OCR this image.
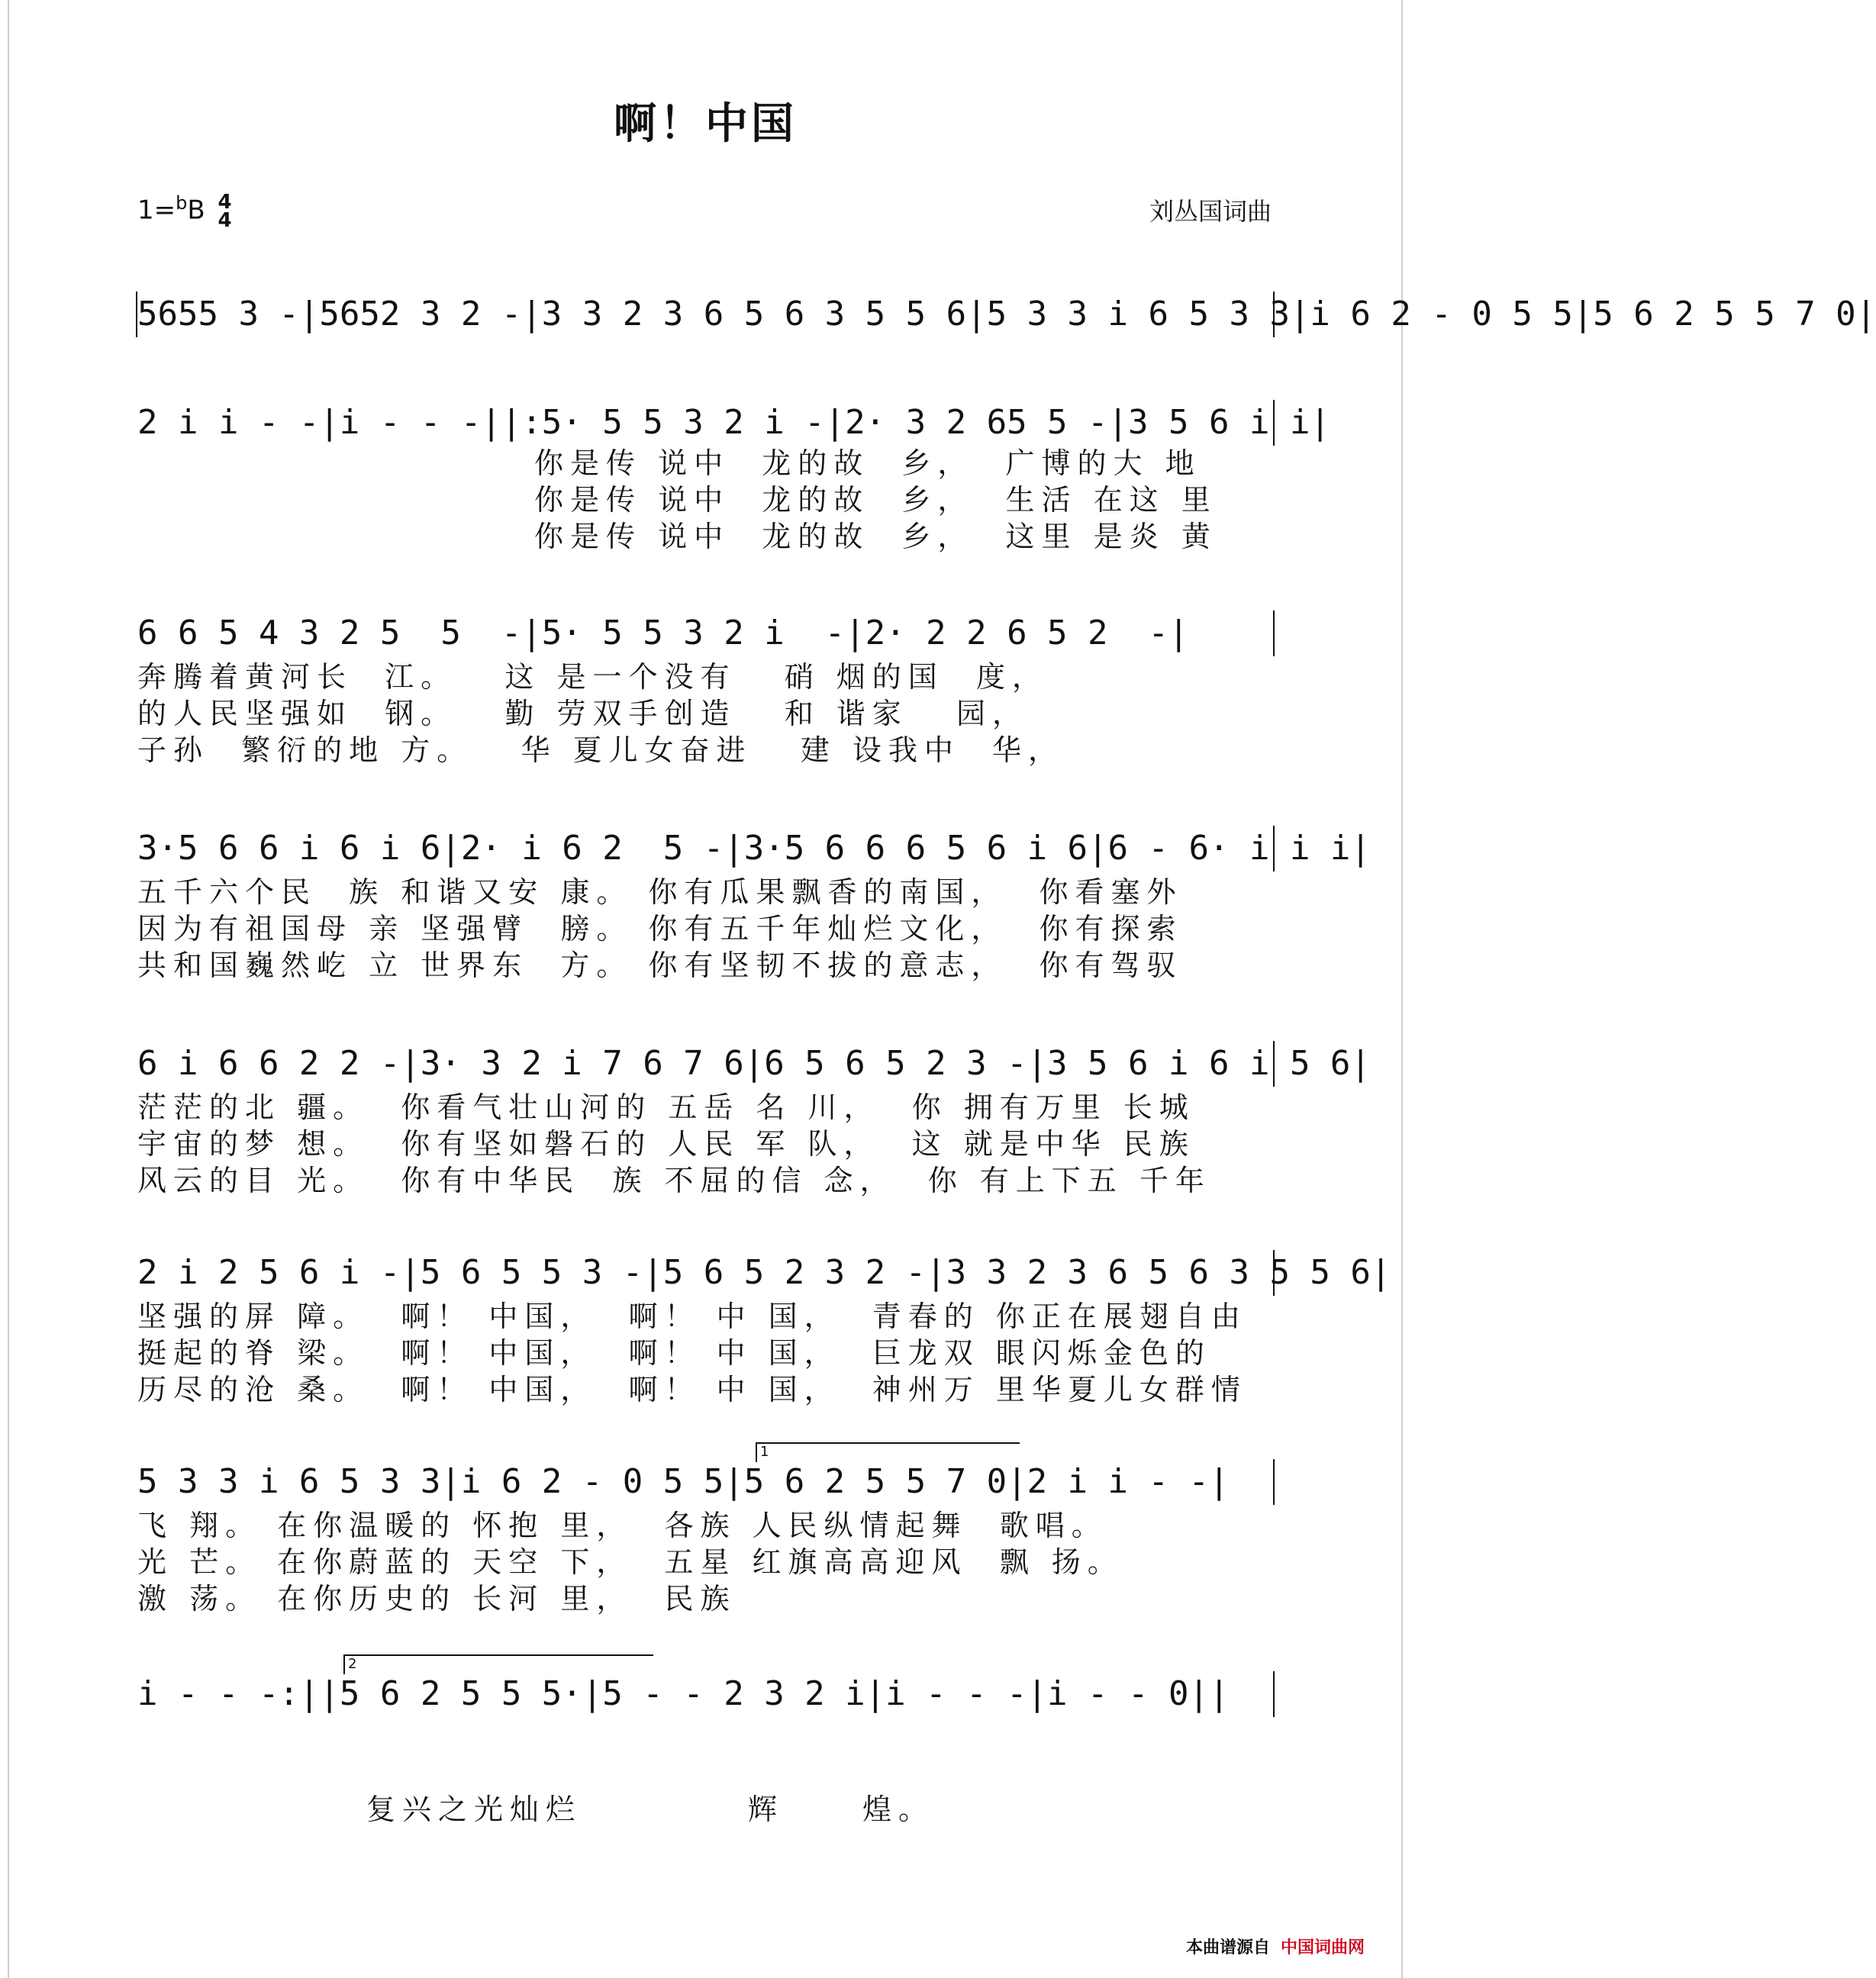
啊！中国
1=$^b$B 4
4	刘丛国词曲
5655 3 -|5652 3 2 -|3 3 2 3 6 5 6 3 5 5 6|5 3 3 i 6 5 3 3|i 6 2 - 0 5 5|5 6 2 5 5 7 0|
2 i i - -|i - - -||:5· 5 5 3 2 i -|2· 3 2 65 5 -|3 5 6 i i|
你是传 说中  龙的故  乡，  广博的大 地
你是传 说中  龙的故  乡，  生活 在这 里
你是传 说中  龙的故  乡，  这里 是炎 黄
6 6 5 4 3 2 5  5  -|5· 5 5 3 2 i  -|2· 2 2 6 5 2  -|
奔腾着黄河长  江。   这 是一个没有   硝 烟的国  度，
的人民坚强如  钢。   勤 劳双手创造   和 谐家   园，
子孙  繁衍的地 方。   华 夏儿女奋进   建 设我中  华，
3·5 6 6 i 6 i 6|2· i 6 2  5 -|3·5 6 6 6 5 6 i 6|6 - 6· i i i|
五千六个民  族 和谐又安 康。 你有瓜果飘香的南国，  你看塞外
因为有祖国母 亲 坚强臂  膀。 你有五千年灿烂文化，  你有探索
共和国巍然屹 立 世界东  方。 你有坚韧不拔的意志，  你有驾驭
6 i 6 6 2 2 -|3· 3 2 i 7 6 7 6|6 5 6 5 2 3 -|3 5 6 i 6 i 5 6|
茫茫的北 疆。  你看气壮山河的 五岳 名 川，  你 拥有万里 长城
宇宙的梦 想。  你有坚如磐石的 人民 军 队，  这 就是中华 民族
风云的目 光。  你有中华民  族 不屈的信 念，  你 有上下五 千年
2 i 2 5 6 i -|5 6 5 5 3 -|5 6 5 2 3 2 -|3 3 2 3 6 5 6 3 5 5 6|
坚强的屏 障。  啊！ 中国，  啊！ 中 国，  青春的 你正在展翅自由
挺起的脊 梁。  啊！ 中国，  啊！ 中 国，  巨龙双 眼闪烁金色的
历尽的沧 桑。  啊！ 中国，  啊！ 中 国，  神州万 里华夏儿女群情
5 3 3 i 6 5 3 3|i 6 2 - 0 5 5|5 6 2 5 5 7 0|2 i i - -|
1
飞 翔。 在你温暖的 怀抱 里，  各族 人民纵情起舞  歌唱。
光 芒。 在你蔚蓝的 天空 下，  五星 红旗高高迎风  飘 扬。
激 荡。 在你历史的 长河 里，  民族
i - - -:||5 6 2 5 5 5·|5 - - 2 3 2 i|i - - -|i - - 0||
2
复兴之光灿烂	辉	煌。
本曲谱源自 中国词曲网
